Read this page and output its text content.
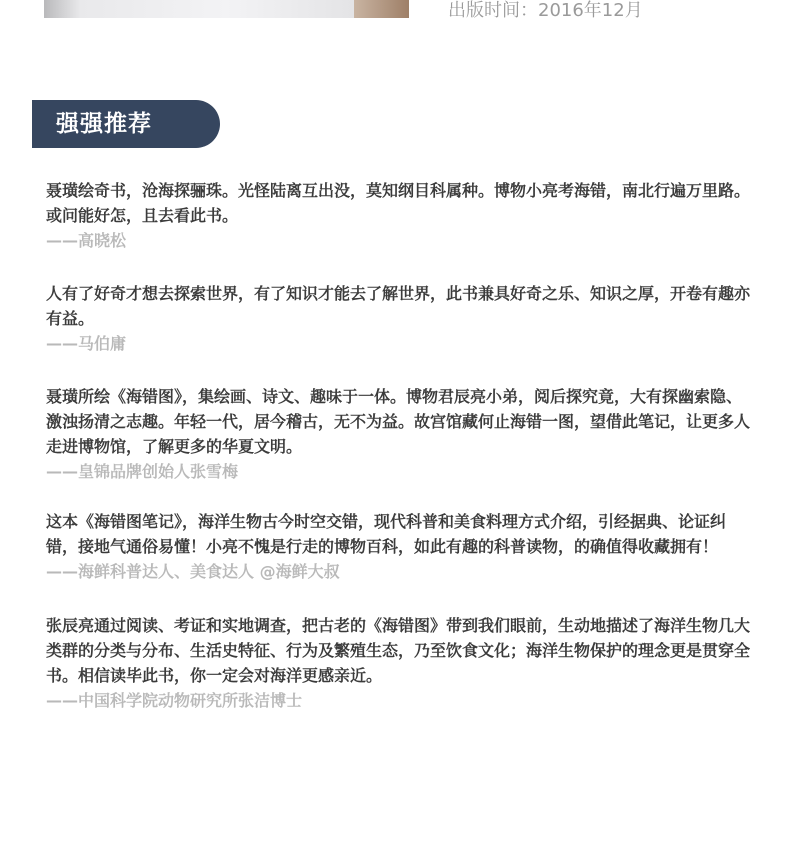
出版时间：2016年12月
强强推荐
聂璜绘奇书，沧海探骊珠。光怪陆离互出没，莫知纲目科属种。博物小亮考海错，南北行遍万里路。或问能好怎，且去看此书。
——高晓松
人有了好奇才想去探索世界，有了知识才能去了解世界，此书兼具好奇之乐、知识之厚，开卷有趣亦有益。
——马伯庸
聂璜所绘《海错图》，集绘画、诗文、趣味于一体。博物君辰亮小弟，阅后探究竟，大有探幽索隐、激浊扬清之志趣。年轻一代，居今稽古，无不为益。故宫馆藏何止海错一图，望借此笔记，让更多人走进博物馆，了解更多的华夏文明。
——皇锦品牌创始人张雪梅
这本《海错图笔记》，海洋生物古今时空交错，现代科普和美食料理方式介绍，引经据典、论证纠错，接地气通俗易懂！小亮不愧是行走的博物百科，如此有趣的科普读物，的确值得收藏拥有！
——海鲜科普达人、美食达人 @海鲜大叔
张辰亮通过阅读、考证和实地调查，把古老的《海错图》带到我们眼前，生动地描述了海洋生物几大类群的分类与分布、生活史特征、行为及繁殖生态，乃至饮食文化；海洋生物保护的理念更是贯穿全书。相信读毕此书，你一定会对海洋更感亲近。
——中国科学院动物研究所张洁博士
